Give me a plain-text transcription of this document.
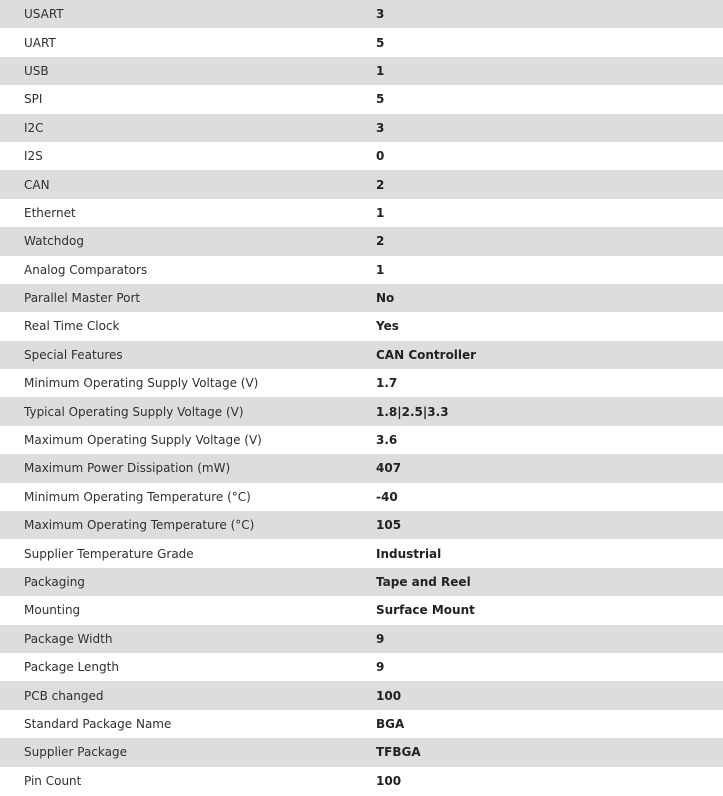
USART	3
UART	5
USB	1
SPI	5
I2C	3
I2S	0
CAN	2
Ethernet	1
Watchdog	2
Analog Comparators	1
Parallel Master Port	No
Real Time Clock	Yes
Special Features	CAN Controller
Minimum Operating Supply Voltage (V)	1.7
Typical Operating Supply Voltage (V)	1.8|2.5|3.3
Maximum Operating Supply Voltage (V)	3.6
Maximum Power Dissipation (mW)	407
Minimum Operating Temperature (°C)	-40
Maximum Operating Temperature (°C)	105
Supplier Temperature Grade	Industrial
Packaging	Tape and Reel
Mounting	Surface Mount
Package Width	9
Package Length	9
PCB changed	100
Standard Package Name	BGA
Supplier Package	TFBGA
Pin Count	100
